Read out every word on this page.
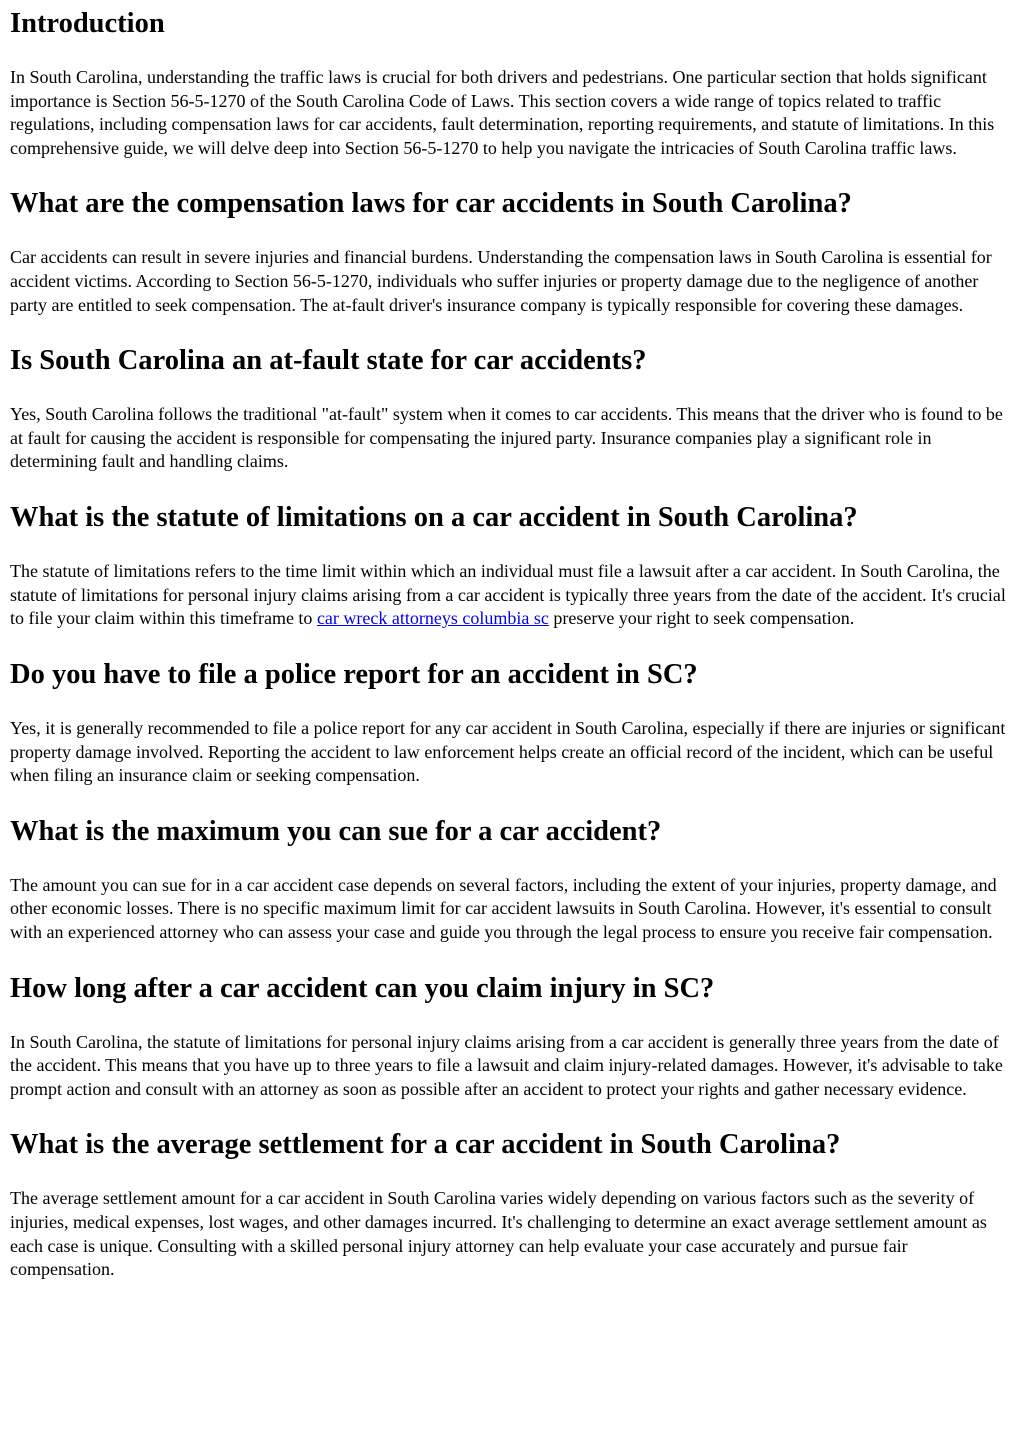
Introduction

In South Carolina, understanding the traffic laws is crucial for both drivers and pedestrians. One particular section that holds significant importance is Section 56-5-1270 of the South Carolina Code of Laws. This section covers a wide range of topics related to traffic regulations, including compensation laws for car accidents, fault determination, reporting requirements, and statute of limitations. In this comprehensive guide, we will delve deep into Section 56-5-1270 to help you navigate the intricacies of South Carolina traffic laws.

What are the compensation laws for car accidents in South Carolina?

Car accidents can result in severe injuries and financial burdens. Understanding the compensation laws in South Carolina is essential for accident victims. According to Section 56-5-1270, individuals who suffer injuries or property damage due to the negligence of another party are entitled to seek compensation. The at-fault driver's insurance company is typically responsible for covering these damages.

Is South Carolina an at-fault state for car accidents?

Yes, South Carolina follows the traditional "at-fault" system when it comes to car accidents. This means that the driver who is found to be at fault for causing the accident is responsible for compensating the injured party. Insurance companies play a significant role in determining fault and handling claims.

What is the statute of limitations on a car accident in South Carolina?

The statute of limitations refers to the time limit within which an individual must file a lawsuit after a car accident. In South Carolina, the statute of limitations for personal injury claims arising from a car accident is typically three years from the date of the accident. It's crucial to file your claim within this timeframe to car wreck attorneys columbia sc preserve your right to seek compensation.

Do you have to file a police report for an accident in SC?

Yes, it is generally recommended to file a police report for any car accident in South Carolina, especially if there are injuries or significant property damage involved. Reporting the accident to law enforcement helps create an official record of the incident, which can be useful when filing an insurance claim or seeking compensation.

What is the maximum you can sue for a car accident?

The amount you can sue for in a car accident case depends on several factors, including the extent of your injuries, property damage, and other economic losses. There is no specific maximum limit for car accident lawsuits in South Carolina. However, it's essential to consult with an experienced attorney who can assess your case and guide you through the legal process to ensure you receive fair compensation.

How long after a car accident can you claim injury in SC?

In South Carolina, the statute of limitations for personal injury claims arising from a car accident is generally three years from the date of the accident. This means that you have up to three years to file a lawsuit and claim injury-related damages. However, it's advisable to take prompt action and consult with an attorney as soon as possible after an accident to protect your rights and gather necessary evidence.

What is the average settlement for a car accident in South Carolina?

The average settlement amount for a car accident in South Carolina varies widely depending on various factors such as the severity of injuries, medical expenses, lost wages, and other damages incurred. It's challenging to determine an exact average settlement amount as each case is unique. Consulting with a skilled personal injury attorney can help evaluate your case accurately and pursue fair compensation.
